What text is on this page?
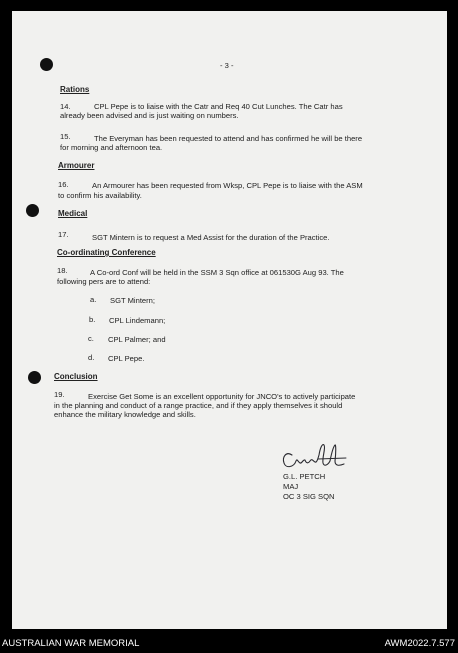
- 3 -
Rations
14.	CPL Pepe is to liaise with the Catr and Req 40 Cut Lunches. The Catr has
already been advised and is just waiting on numbers.
15.	The Everyman has been requested to attend and has confirmed he will be there
for morning and afternoon tea.
Armourer
16.	An Armourer has been requested from Wksp, CPL Pepe is to liaise with the ASM
to confirm his availability.
Medical
17.	SGT Mintern is to request a Med Assist for the duration of the Practice.
Co-ordinating Conference
18.	A Co-ord Conf will be held in the SSM 3 Sqn office at 061530G Aug 93. The
following pers are to attend:
a. SGT Mintern;
b. CPL Lindemann;
c. CPL Palmer; and
d. CPL Pepe.
Conclusion
19.	Exercise Get Some is an excellent opportunity for JNCO's to actively participate
in the planning and conduct of a range practice, and if they apply themselves it should
enhance the military knowledge and skills.
G.L. PETCH
MAJ
OC 3 SIG SQN
AUSTRALIAN WAR MEMORIAL	AWM2022.7.577
